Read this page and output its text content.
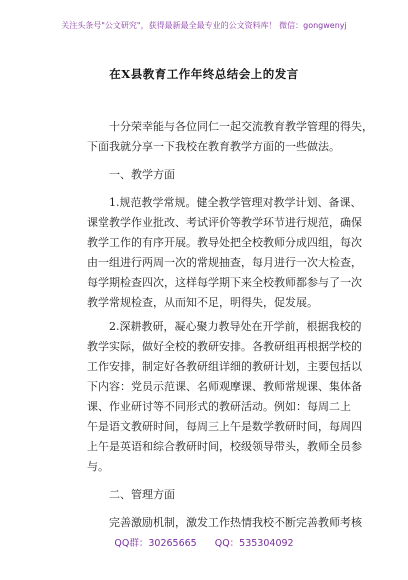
关注头条号"公文研究"，获得最新最全最专业的公文资料库！ 微信：gongwenyj
在X县教育工作年终总结会上的发言

十分荣幸能与各位同仁一起交流教育教学管理的得失，

下面我就分享一下我校在教育教学方面的一些做法。

一、教学方面

1.规范教学常规。健全教学管理对教学计划、备课、

课堂教学作业批改、考试评价等教学环节进行规范，确保

教学工作的有序开展。教导处把全校教师分成四组，每次

由一组进行两周一次的常规抽查，每月进行一次大检查，

每学期检查四次，这样每学期下来全校教师都参与了一次

教学常规检查，从而知不足，明得失，促发展。

2.深耕教研，凝心聚力教导处在开学前，根据我校的

教学实际，做好全校的教研安排。各教研组再根据学校的

工作安排，制定好各教研组详细的教研计划，主要包括以

下内容：党员示范课、名师观摩课、教师常规课、集体备

课、作业研讨等不同形式的教研活动。例如：每周二上

午是语文教研时间，每周三上午是数学教研时间，每周四

上午是英语和综合教研时间，校级领导带头，教师全员参

与。

二、管理方面

完善激励机制，激发工作热情我校不断完善教师考核

QQ群：30265665 QQ：535304092
